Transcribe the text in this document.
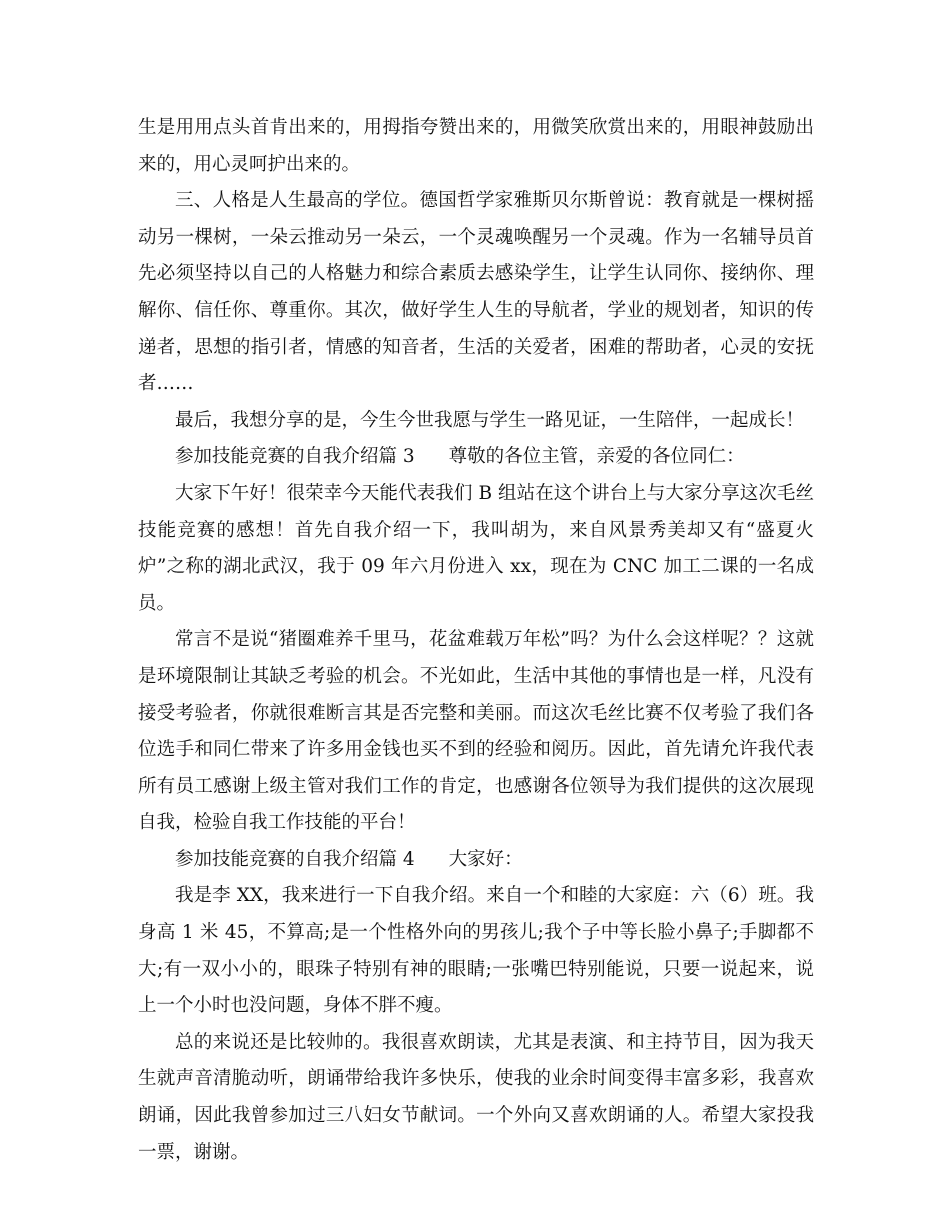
生是用用点头首肯出来的，用拇指夸赞出来的，用微笑欣赏出来的，用眼神鼓励出来的，用心灵呵护出来的。

三、人格是人生最高的学位。德国哲学家雅斯贝尔斯曾说：教育就是一棵树摇动另一棵树，一朵云推动另一朵云，一个灵魂唤醒另一个灵魂。作为一名辅导员首先必须坚持以自己的人格魅力和综合素质去感染学生，让学生认同你、接纳你、理解你、信任你、尊重你。其次，做好学生人生的导航者，学业的规划者，知识的传递者，思想的指引者，情感的知音者，生活的关爱者，困难的帮助者，心灵的安抚者……

最后，我想分享的是，今生今世我愿与学生一路见证，一生陪伴，一起成长！

参加技能竞赛的自我介绍篇 3 尊敬的各位主管，亲爱的各位同仁：

大家下午好！很荣幸今天能代表我们 B 组站在这个讲台上与大家分享这次毛丝技能竞赛的感想！首先自我介绍一下，我叫胡为，来自风景秀美却又有“盛夏火炉”之称的湖北武汉，我于 09 年六月份进入 xx，现在为 CNC 加工二课的一名成员。

常言不是说“猪圈难养千里马，花盆难载万年松”吗？为什么会这样呢？？这就是环境限制让其缺乏考验的机会。不光如此，生活中其他的事情也是一样，凡没有接受考验者，你就很难断言其是否完整和美丽。而这次毛丝比赛不仅考验了我们各位选手和同仁带来了许多用金钱也买不到的经验和阅历。因此，首先请允许我代表所有员工感谢上级主管对我们工作的肯定，也感谢各位领导为我们提供的这次展现自我，检验自我工作技能的平台！

参加技能竞赛的自我介绍篇 4 大家好：

我是李 XX，我来进行一下自我介绍。来自一个和睦的大家庭：六（6）班。我身高 1 米 45，不算高;是一个性格外向的男孩儿;我个子中等长脸小鼻子;手脚都不大;有一双小小的，眼珠子特别有神的眼睛;一张嘴巴特别能说，只要一说起来，说上一个小时也没问题，身体不胖不瘦。

总的来说还是比较帅的。我很喜欢朗读，尤其是表演、和主持节目，因为我天生就声音清脆动听，朗诵带给我许多快乐，使我的业余时间变得丰富多彩，我喜欢朗诵，因此我曾参加过三八妇女节献词。一个外向又喜欢朗诵的人。希望大家投我一票，谢谢。
